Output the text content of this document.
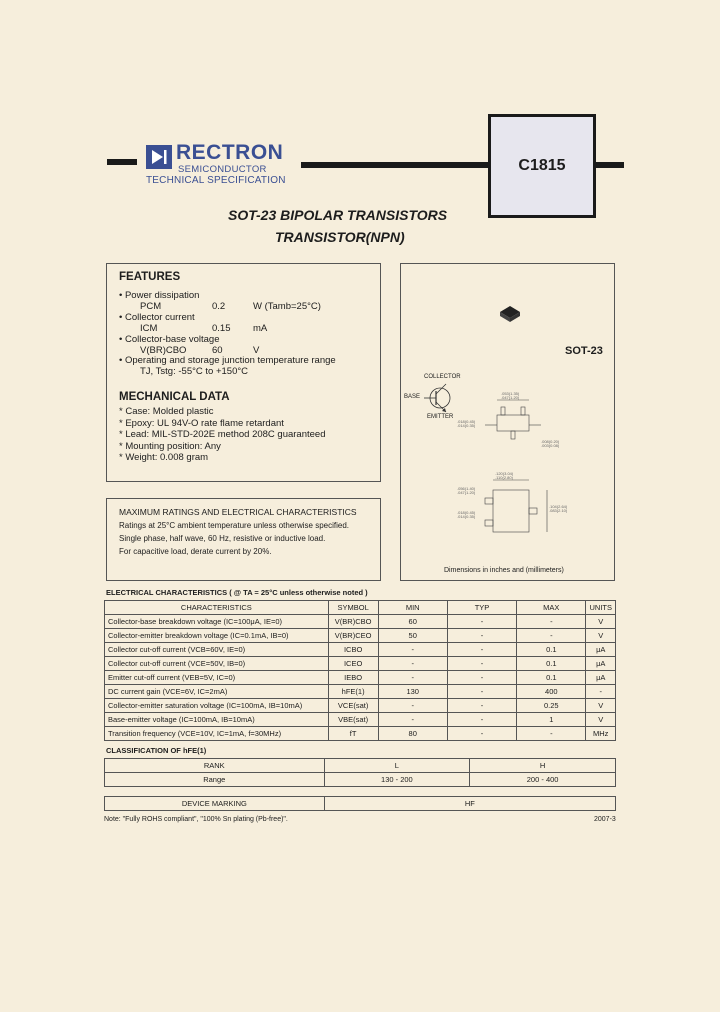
RECTRON
SEMICONDUCTOR
TECHNICAL SPECIFICATION
C1815
SOT-23 BIPOLAR TRANSISTORS
TRANSISTOR(NPN)
FEATURES
• Power dissipation
PCM	0.2	W (Tamb=25°C)
• Collector current
ICM	0.15 mA
• Collector-base voltage
V(BR)CBO	60	V
• Operating and storage junction temperature range
TJ, Tstg: -55°C to +150°C
MECHANICAL DATA
* Case: Molded plastic
* Epoxy: UL 94V-O rate flame retardant
* Lead: MIL-STD-202E method 208C guaranteed
* Mounting position: Any
* Weight: 0.008 gram
SOT-23
COLLECTOR
BASE
EMITTER
.053(1.35)
.047(1.20)
.018(0.45)
.014(0.35)
.008(0.20)
.003(0.08)
.120(3.04)
.110(2.80)
.056(1.40)
.047(1.20)
.018(0.45)
.014(0.35)
.104(2.64)
.083(2.10)
Dimensions in inches and (millimeters)
MAXIMUM RATINGS AND ELECTRICAL CHARACTERISTICS
Ratings at 25°C ambient temperature unless otherwise specified.
Single phase, half wave, 60 Hz, resistive or inductive load.
For capacitive load, derate current by 20%.
ELECTRICAL CHARACTERISTICS ( @ TA = 25°C unless otherwise noted )
CHARACTERISTICS	SYMBOL	MIN	TYP	MAX	UNITS
Collector-base breakdown voltage (IC=100μA, IE=0)	V(BR)CBO	60	-	-	V
Collector-emitter breakdown voltage (IC=0.1mA, IB=0)	V(BR)CEO	50	-	-	V
Collector cut-off current (VCB=60V, IE=0)	ICBO	-	-	0.1	μA
Collector cut-off current (VCE=50V, IB=0)	ICEO	-	-	0.1	μA
Emitter cut-off current (VEB=5V, IC=0)	IEBO	-	-	0.1	μA
DC current gain (VCE=6V, IC=2mA)	hFE(1)	130	-	400	-
Collector-emitter saturation voltage (IC=100mA, IB=10mA)	VCE(sat)	-	-	0.25	V
Base-emitter voltage (IC=100mA, IB=10mA)	VBE(sat)	-	-	1	V
Transition frequency (VCE=10V, IC=1mA, f=30MHz)	fT	80	-	-	MHz
CLASSIFICATION OF hFE(1)
RANK	L	H
Range	130 - 200	200 - 400
DEVICE MARKING	HF
Note: "Fully ROHS compliant", "100% Sn plating (Pb-free)".	2007-3
